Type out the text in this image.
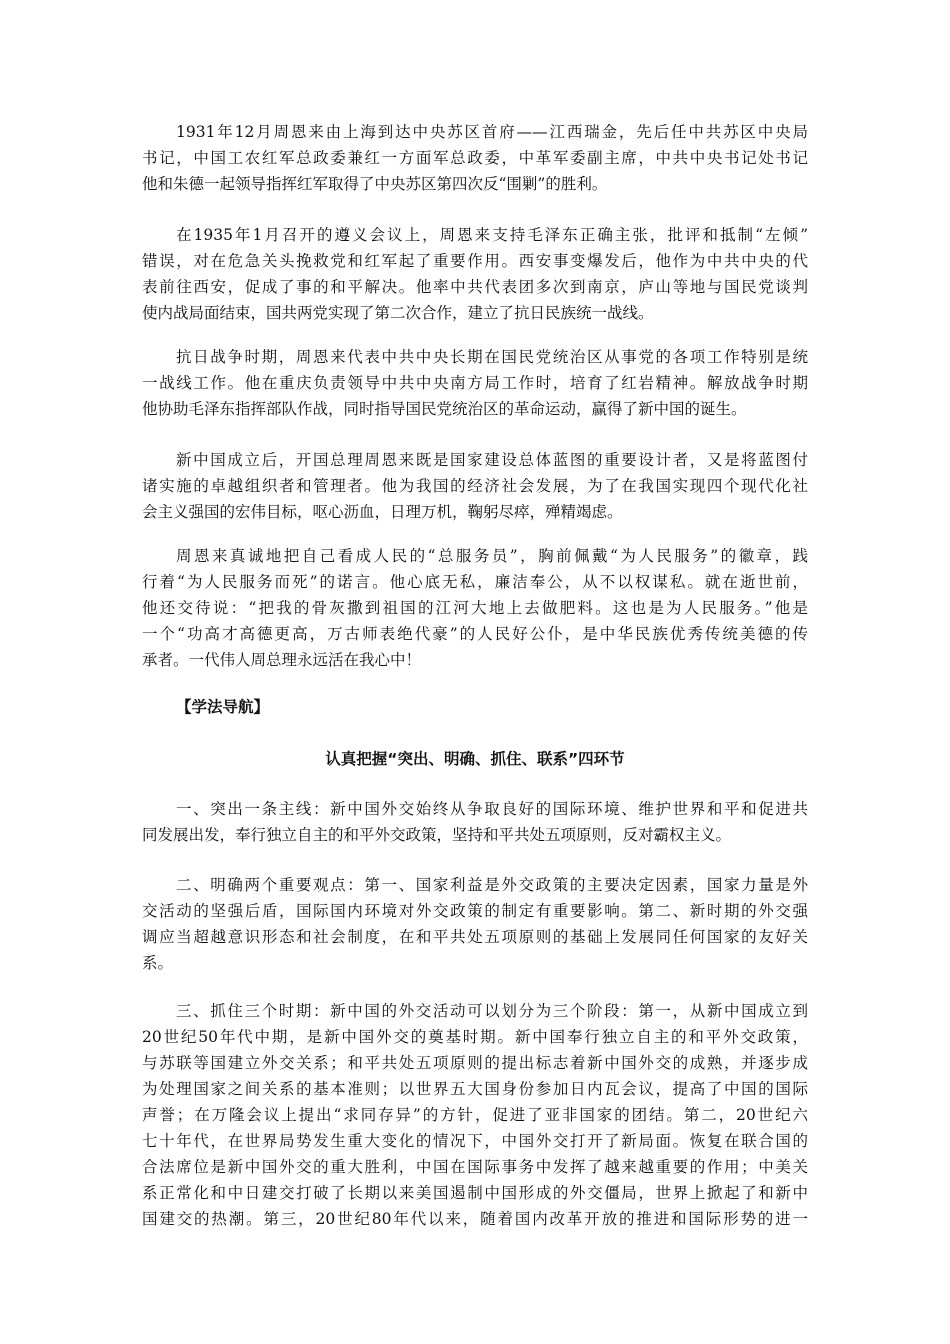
1931年12月周恩来由上海到达中央苏区首府——江西瑞金，先后任中共苏区中央局
书记，中国工农红军总政委兼红一方面军总政委，中革军委副主席，中共中央书记处书记
他和朱德一起领导指挥红军取得了中央苏区第四次反“围剿”的胜利。
在1935年1月召开的遵义会议上，周恩来支持毛泽东正确主张，批评和抵制“左倾”
错误，对在危急关头挽救党和红军起了重要作用。西安事变爆发后，他作为中共中央的代
表前往西安，促成了事的和平解决。他率中共代表团多次到南京，庐山等地与国民党谈判
使内战局面结束，国共两党实现了第二次合作，建立了抗日民族统一战线。
抗日战争时期，周恩来代表中共中央长期在国民党统治区从事党的各项工作特别是统
一战线工作。他在重庆负责领导中共中央南方局工作时，培育了红岩精神。解放战争时期
他协助毛泽东指挥部队作战，同时指导国民党统治区的革命运动，赢得了新中国的诞生。
新中国成立后，开国总理周恩来既是国家建设总体蓝图的重要设计者，又是将蓝图付
诸实施的卓越组织者和管理者。他为我国的经济社会发展，为了在我国实现四个现代化社
会主义强国的宏伟目标，呕心沥血，日理万机，鞠躬尽瘁，殚精竭虑。
周恩来真诚地把自己看成人民的“总服务员”，胸前佩戴“为人民服务”的徽章，践
行着“为人民服务而死”的诺言。他心底无私，廉洁奉公，从不以权谋私。就在逝世前，
他还交待说：“把我的骨灰撒到祖国的江河大地上去做肥料。这也是为人民服务。”他是
一个“功高才高德更高，万古师表绝代豪”的人民好公仆，是中华民族优秀传统美德的传
承者。一代伟人周总理永远活在我心中！
【学法导航】
认真把握“突出、明确、抓住、联系”四环节
一、突出一条主线：新中国外交始终从争取良好的国际环境、维护世界和平和促进共
同发展出发，奉行独立自主的和平外交政策，坚持和平共处五项原则，反对霸权主义。
二、明确两个重要观点：第一、国家利益是外交政策的主要决定因素，国家力量是外
交活动的坚强后盾，国际国内环境对外交政策的制定有重要影响。第二、新时期的外交强
调应当超越意识形态和社会制度，在和平共处五项原则的基础上发展同任何国家的友好关
系。
三、抓住三个时期：新中国的外交活动可以划分为三个阶段：第一，从新中国成立到
20世纪50年代中期，是新中国外交的奠基时期。新中国奉行独立自主的和平外交政策，
与苏联等国建立外交关系；和平共处五项原则的提出标志着新中国外交的成熟，并逐步成
为处理国家之间关系的基本准则；以世界五大国身份参加日内瓦会议，提高了中国的国际
声誉；在万隆会议上提出“求同存异”的方针，促进了亚非国家的团结。第二，20世纪六
七十年代，在世界局势发生重大变化的情况下，中国外交打开了新局面。恢复在联合国的
合法席位是新中国外交的重大胜利，中国在国际事务中发挥了越来越重要的作用；中美关
系正常化和中日建交打破了长期以来美国遏制中国形成的外交僵局，世界上掀起了和新中
国建交的热潮。第三，20世纪80年代以来，随着国内改革开放的推进和国际形势的进一
